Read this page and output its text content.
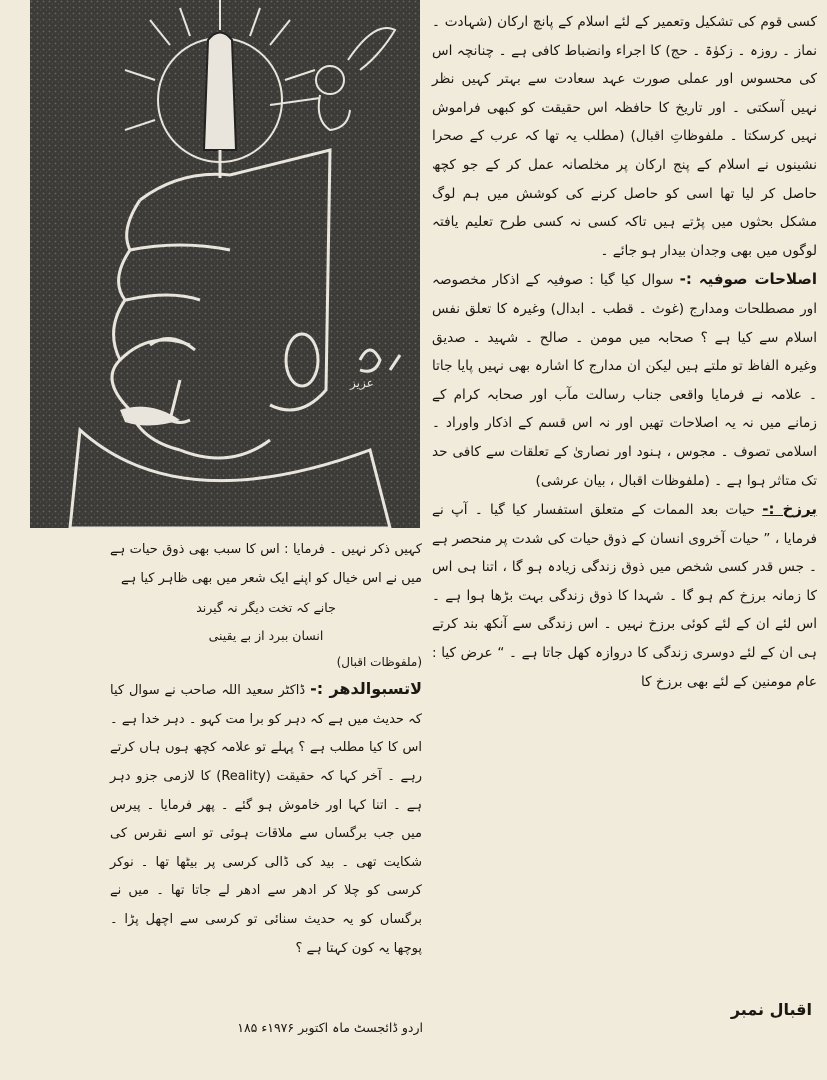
عزیز

کسی قوم کی تشکیل وتعمیر کے لئے اسلام کے پانچ ارکان (شہادت ۔ نماز ۔ روزہ ۔ زکوٰۃ ۔ حج) کا اجراء وانضباط کافی ہے ۔ چنانچہ اس کی محسوس اور عملی صورت عہد سعادت سے بہتر کہیں نظر نہیں آسکتی ۔ اور تاریخ کا حافظہ اس حقیقت کو کبھی فراموش نہیں کرسکتا ۔ ملفوظاتِ اقبال) (مطلب یہ تھا کہ عرب کے صحرا نشینوں نے اسلام کے پنج ارکان پر مخلصانہ عمل کر کے جو کچھ حاصل کر لیا تھا اسی کو حاصل کرنے کی کوشش میں ہم لوگ مشکل بحثوں میں پڑتے ہیں تاکہ کسی نہ کسی طرح تعلیم یافتہ لوگوں میں بھی وجدان بیدار ہو جائے ۔

اصلاحات صوفیہ :- سوال کیا گیا : صوفیہ کے اذکار مخصوصہ اور مصطلحات ومدارج (غوث ۔ قطب ۔ ابدال) وغیرہ کا تعلق نفس اسلام سے کیا ہے ؟ صحابہ میں مومن ۔ صالح ۔ شہید ۔ صدیق وغیرہ الفاظ تو ملتے ہیں لیکن ان مدارج کا اشارہ بھی نہیں پایا جاتا ۔ علامہ نے فرمایا واقعی جناب رسالت مآب اور صحابہ کرام کے زمانے میں نہ یہ اصلاحات تھیں اور نہ اس قسم کے اذکار واوراد ۔ اسلامی تصوف ۔ مجوس ، ہنود اور نصاریٰ کے تعلقات سے کافی حد تک متاثر ہوا ہے ۔ (ملفوظات اقبال ، بیان عرشی)

برزخ :- حیات بعد الممات کے متعلق استفسار کیا گیا ۔ آپ نے فرمایا ، ” حیات آخروی انسان کے ذوق حیات کی شدت پر منحصر ہے ۔ جس قدر کسی شخص میں ذوق زندگی زیادہ ہو گا ، اتنا ہی اس کا زمانہ برزخ کم ہو گا ۔ شہدا کا ذوق زندگی بہت بڑھا ہوا ہے ۔ اس لئے ان کے لئے کوئی برزخ نہیں ۔ اس زندگی سے آنکھ بند کرتے ہی ان کے لئے دوسری زندگی کا دروازہ کھل جاتا ہے ۔ “ عرض کیا : عام مومنین کے لئے بھی برزخ کا

اقبال نمبر

کہیں ذکر نہیں ۔ فرمایا : اس کا سبب بھی ذوق حیات ہے میں نے اس خیال کو اپنے ایک شعر میں بھی ظاہر کیا ہے

جانے کہ تخت دیگر نہ گیرند
انسان ببرد از بے یقینی
(ملفوظات اقبال)

لاتسبوالدھر :- ڈاکٹر سعید اللہ صاحب نے سوال کیا کہ حدیث میں ہے کہ دہر کو برا مت کہو ۔ دہر خدا ہے ۔ اس کا کیا مطلب ہے ؟ پہلے تو علامہ کچھ ہوں ہاں کرتے رہے ۔ آخر کہا کہ حقیقت (Reality) کا لازمی جزو دہر ہے ۔ اتنا کہا اور خاموش ہو گئے ۔ پھر فرمایا ۔ پیرس میں جب برگساں سے ملاقات ہوئی تو اسے نقرس کی شکایت تھی ۔ بید کی ڈالی کرسی پر بیٹھا تھا ۔ نوکر کرسی کو چلا کر ادھر سے ادھر لے جاتا تھا ۔ میں نے برگساں کو یہ حدیث سنائی تو کرسی سے اچھل پڑا ۔ پوچھا یہ کون کہتا ہے ؟

اردو ڈائجسٹ ماہ اکتوبر ۱۹۷۶ء ۱۸۵
